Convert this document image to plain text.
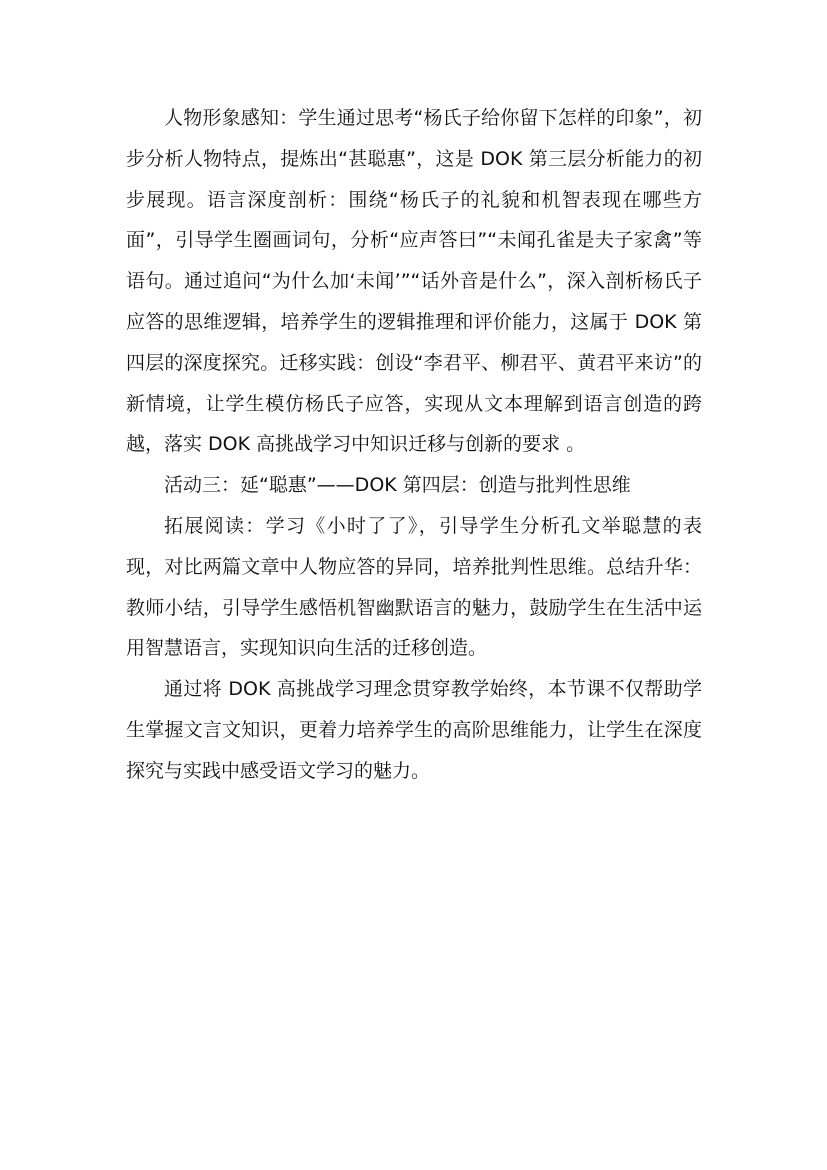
人物形象感知：学生通过思考“杨氏子给你留下怎样的印象”，初步分析人物特点，提炼出“甚聪惠”，这是 DOK 第三层分析能力的初步展现。语言深度剖析：围绕“杨氏子的礼貌和机智表现在哪些方面”，引导学生圈画词句，分析“应声答曰”“未闻孔雀是夫子家禽”等语句。通过追问“为什么加‘未闻’”“话外音是什么”，深入剖析杨氏子应答的思维逻辑，培养学生的逻辑推理和评价能力，这属于 DOK 第四层的深度探究。迁移实践：创设“李君平、柳君平、黄君平来访”的新情境，让学生模仿杨氏子应答，实现从文本理解到语言创造的跨越，落实 DOK 高挑战学习中知识迁移与创新的要求 。

活动三：延“聪惠”——DOK 第四层：创造与批判性思维

拓展阅读：学习《小时了了》，引导学生分析孔文举聪慧的表现，对比两篇文章中人物应答的异同，培养批判性思维。总结升华：教师小结，引导学生感悟机智幽默语言的魅力，鼓励学生在生活中运用智慧语言，实现知识向生活的迁移创造。

通过将 DOK 高挑战学习理念贯穿教学始终，本节课不仅帮助学生掌握文言文知识，更着力培养学生的高阶思维能力，让学生在深度探究与实践中感受语文学习的魅力。
